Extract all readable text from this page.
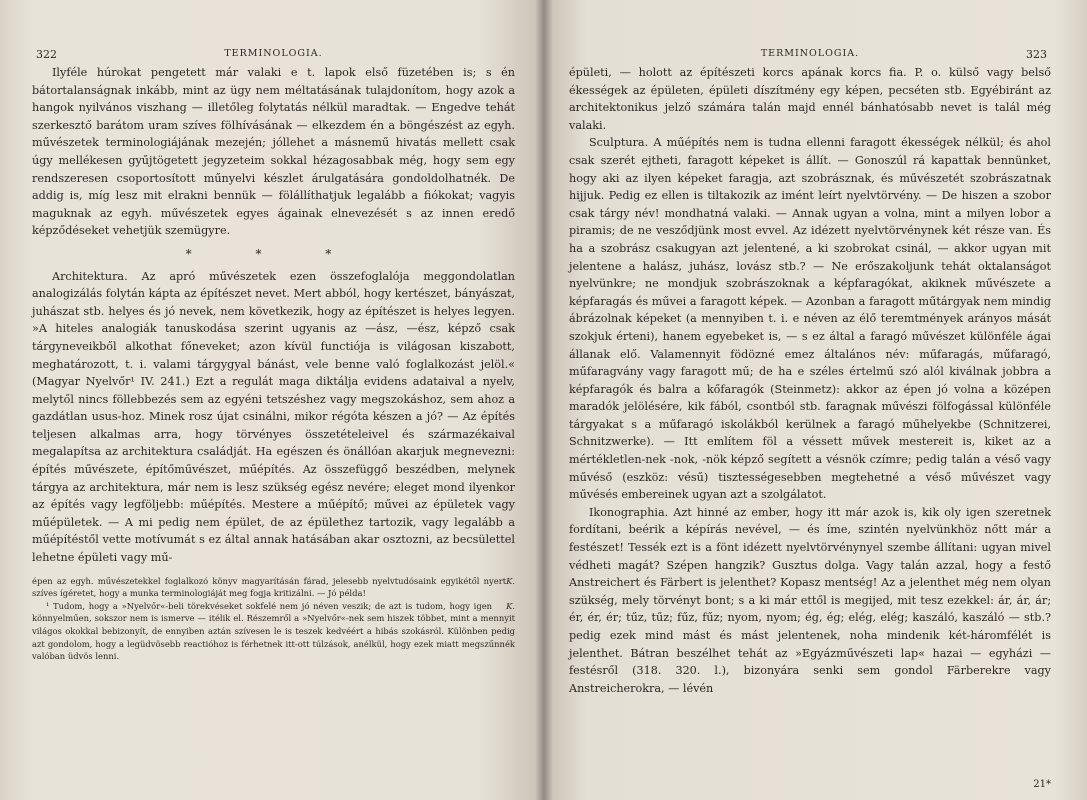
322	TERMINOLOGIA.

Ilyféle húrokat pengetett már valaki e t. lapok első füzetében is; s én bátortalanságnak inkább, mint az ügy nem méltatásának tulajdonítom, hogy azok a hangok nyilvános viszhang — illetőleg folytatás nélkül maradtak. — Engedve tehát szerkesztő barátom uram szíves fölhívásának — elkezdem én a böngészést az egyh. művészetek terminologiájának mezején; jóllehet a másnemű hivatás mellett csak úgy mellékesen gyűjtögetett jegyzeteim sokkal hézagosabbak még, hogy sem egy rendszeresen csoportosított műnyelvi készlet árulgatására gondoldolhatnék. De addig is, míg lesz mit elrakni bennük — fölállíthatjuk legalább a fiókokat; vagyis maguknak az egyh. művészetek egyes ágainak elnevezését s az innen eredő képződéseket vehetjük szemügyre.

* * *

Architektura. Az apró művészetek ezen összefoglalója meggondolatlan analogizálás folytán kápta az építészet nevet. Mert abból, hogy kertészet, bányászat, juhászat stb. helyes és jó nevek, nem következik, hogy az építészet is helyes legyen. »A hiteles analogiák tanuskodása szerint ugyanis az —ász, —ész, képző csak tárgyneveikből alkothat főneveket; azon kívül functiója is világosan kiszabott, meghatározott, t. i. valami tárgygyal bánást, vele benne való foglalkozást jelöl.« (Magyar Nyelvőr¹ IV. 241.) Ezt a regulát maga diktálja evidens adataival a nyelv, melytől nincs föllebbezés sem az egyéni tetszéshez vagy megszokáshoz, sem ahoz a gazdátlan usus-hoz. Minek rosz újat csinálni, mikor régóta készen a jó? — Az építés teljesen alkalmas arra, hogy törvényes összetételeivel és származékaival megalapítsa az architektura családját. Ha egészen és önállóan akarjuk megnevezni: építés művészete, építőművészet, műépítés. Az összefüggő beszédben, melynek tárgya az architektura, már nem is lesz szükség egész nevére; eleget mond ilyenkor az építés vagy legföljebb: műépítés. Mestere a műépítő; művei az épületek vagy műépületek. — A mi pedig nem épület, de az épülethez tartozik, vagy legalább a műépítéstől vette motívumát s ez által annak hatásában akar osztozni, az becsülettel lehetne épületi vagy mű-

K.
épen az egyh. művészetekkel foglalkozó könyv magyarításán fárad, jelesebb nyelvtudósaink egyikétől nyert szíves ígéretet, hogy a munka terminologiáját meg fogja kritizálni. — Jó példa!

K.
¹ Tudom, hogy a »Nyelvőr«-beli törekvéseket sokfelé nem jó néven veszik; de azt is tudom, hogy igen könnyelműen, sokszor nem is ismerve — itélik el. Részemről a »Nyelvőr«-nek sem hiszek többet, mint a mennyit világos okokkal bebizonyít, de ennyiben aztán szívesen le is teszek kedvéért a hibás szokásról. Különben pedig azt gondolom, hogy a legüdvösebb reactióhoz is férhetnek itt-ott túlzások, anélkül, hogy ezek miatt megszűnnék valóban üdvös lenni.

TERMINOLOGIA.	323

épületi, — holott az építészeti korcs apának korcs fia. P. o. külső vagy belső ékességek az épületen, épületi díszítmény egy képen, pecséten stb. Egyébiránt az architektonikus jelző számára talán majd ennél bánhatósabb nevet is talál még valaki.

Sculptura. A műépítés nem is tudna ellenni faragott ékességek nélkül; és ahol csak szerét ejtheti, faragott képeket is állít. — Gonoszúl rá kapattak bennünket, hogy aki az ilyen képeket faragja, azt szobrásznak, és művészetét szobrászatnak hijjuk. Pedig ez ellen is tiltakozik az imént leírt nyelvtörvény. — De hiszen a szobor csak tárgy név! mondhatná valaki. — Annak ugyan a volna, mint a milyen lobor a piramis; de ne vesződjünk most evvel. Az idézett nyelvtörvénynek két része van. És ha a szobrász csakugyan azt jelentené, a ki szobrokat csinál, — akkor ugyan mit jelentene a halász, juhász, lovász stb.? — Ne erőszakoljunk tehát oktalanságot nyelvünkre; ne mondjuk szobrászoknak a képfaragókat, akiknek művészete a képfaragás és művei a faragott képek. — Azonban a faragott műtárgyak nem mindig ábrázolnak képeket (a mennyiben t. i. e néven az élő teremtmények arányos mását szokjuk érteni), hanem egyebeket is, — s ez által a faragó művészet különféle ágai állanak elő. Valamennyit födözné emez általános név: műfaragás, műfaragó, műfaragvány vagy faragott mű; de ha e széles értelmű szó alól kiválnak jobbra a képfaragók és balra a kőfaragók (Steinmetz): akkor az épen jó volna a középen maradók jelölésére, kik fából, csontból stb. faragnak művészi fölfogással különféle tárgyakat s a műfaragó iskolákból kerülnek a faragó műhelyekbe (Schnitzerei, Schnitzwerke). — Itt említem föl a véssett művek mestereit is, kiket az a mértékletlen-nek -nok, -nök képző segített a vésnök czímre; pedig talán a véső vagy művéső (eszköz: vésű) tisztességesebben megtehetné a véső művészet vagy művésés embereinek ugyan azt a szolgálatot.

Ikonographia. Azt hinné az ember, hogy itt már azok is, kik oly igen szeretnek fordítani, beérik a képírás nevével, — és íme, szintén nyelvünkhöz nőtt már a festészet! Tessék ezt is a fönt idézett nyelvtörvénynyel szembe állítani: ugyan mivel védheti magát? Szépen hangzik? Gusztus dolga. Vagy talán azzal, hogy a festő Anstreichert és Färbert is jelenthet? Kopasz mentség! Az a jelenthet még nem olyan szükség, mely törvényt bont; s a ki már ettől is megijed, mit tesz ezekkel: ár, ár, ár; ér, ér, ér; tűz, tűz; fűz, fűz; nyom, nyom; ég, ég; elég, elég; kaszáló, kaszáló — stb.? pedig ezek mind mást és mást jelentenek, noha mindenik két-háromfélét is jelenthet. Bátran beszélhet tehát az »Egyázművészeti lap« hazai — egyházi — festésről (318. 320. l.), bizonyára senki sem gondol Färberekre vagy Anstreicherokra, — lévén

21*
